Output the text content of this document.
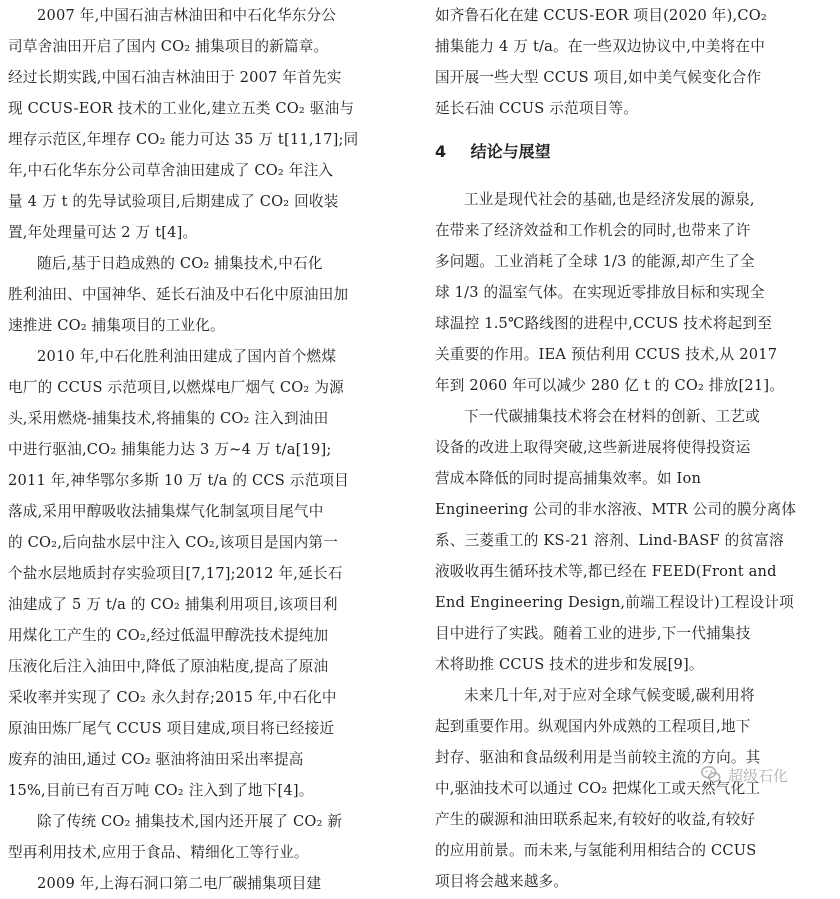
2007 年,中国石油吉林油田和中石化华东分公
司草舍油田开启了国内 CO₂ 捕集项目的新篇章。
经过长期实践,中国石油吉林油田于 2007 年首先实
现 CCUS-EOR 技术的工业化,建立五类 CO₂ 驱油与
埋存示范区,年埋存 CO₂ 能力可达 35 万 t[11,17];同
年,中石化华东分公司草舍油田建成了 CO₂ 年注入
量 4 万 t 的先导试验项目,后期建成了 CO₂ 回收装
置,年处理量可达 2 万 t[4]。
随后,基于日趋成熟的 CO₂ 捕集技术,中石化
胜利油田、中国神华、延长石油及中石化中原油田加
速推进 CO₂ 捕集项目的工业化。
2010 年,中石化胜利油田建成了国内首个燃煤
电厂的 CCUS 示范项目,以燃煤电厂烟气 CO₂ 为源
头,采用燃烧-捕集技术,将捕集的 CO₂ 注入到油田
中进行驱油,CO₂ 捕集能力达 3 万~4 万 t/a[19];
2011 年,神华鄂尔多斯 10 万 t/a 的 CCS 示范项目
落成,采用甲醇吸收法捕集煤气化制氢项目尾气中
的 CO₂,后向盐水层中注入 CO₂,该项目是国内第一
个盐水层地质封存实验项目[7,17];2012 年,延长石
油建成了 5 万 t/a 的 CO₂ 捕集利用项目,该项目利
用煤化工产生的 CO₂,经过低温甲醇洗技术提纯加
压液化后注入油田中,降低了原油粘度,提高了原油
采收率并实现了 CO₂ 永久封存;2015 年,中石化中
原油田炼厂尾气 CCUS 项目建成,项目将已经接近
废弃的油田,通过 CO₂ 驱油将油田采出率提高
15%,目前已有百万吨 CO₂ 注入到了地下[4]。
除了传统 CO₂ 捕集技术,国内还开展了 CO₂ 新
型再利用技术,应用于食品、精细化工等行业。
2009 年,上海石洞口第二电厂碳捕集项目建
如齐鲁石化在建 CCUS-EOR 项目(2020 年),CO₂
捕集能力 4 万 t/a。在一些双边协议中,中美将在中
国开展一些大型 CCUS 项目,如中美气候变化合作
延长石油 CCUS 示范项目等。
4 结论与展望
工业是现代社会的基础,也是经济发展的源泉,
在带来了经济效益和工作机会的同时,也带来了许
多问题。工业消耗了全球 1/3 的能源,却产生了全
球 1/3 的温室气体。在实现近零排放目标和实现全
球温控 1.5℃路线图的进程中,CCUS 技术将起到至
关重要的作用。IEA 预估利用 CCUS 技术,从 2017
年到 2060 年可以减少 280 亿 t 的 CO₂ 排放[21]。
下一代碳捕集技术将会在材料的创新、工艺或
设备的改进上取得突破,这些新进展将使得投资运
营成本降低的同时提高捕集效率。如 Ion
Engineering 公司的非水溶液、MTR 公司的膜分离体
系、三菱重工的 KS-21 溶剂、Lind-BASF 的贫富溶
液吸收再生循环技术等,都已经在 FEED(Front and
End Engineering Design,前端工程设计)工程设计项
目中进行了实践。随着工业的进步,下一代捕集技
术将助推 CCUS 技术的进步和发展[9]。
未来几十年,对于应对全球气候变暖,碳利用将
起到重要作用。纵观国内外成熟的工程项目,地下
封存、驱油和食品级利用是当前较主流的方向。其
中,驱油技术可以通过 CO₂ 把煤化工或天然气化工
产生的碳源和油田联系起来,有较好的收益,有较好
的应用前景。而未来,与氢能利用相结合的 CCUS
项目将会越来越多。
超级石化
